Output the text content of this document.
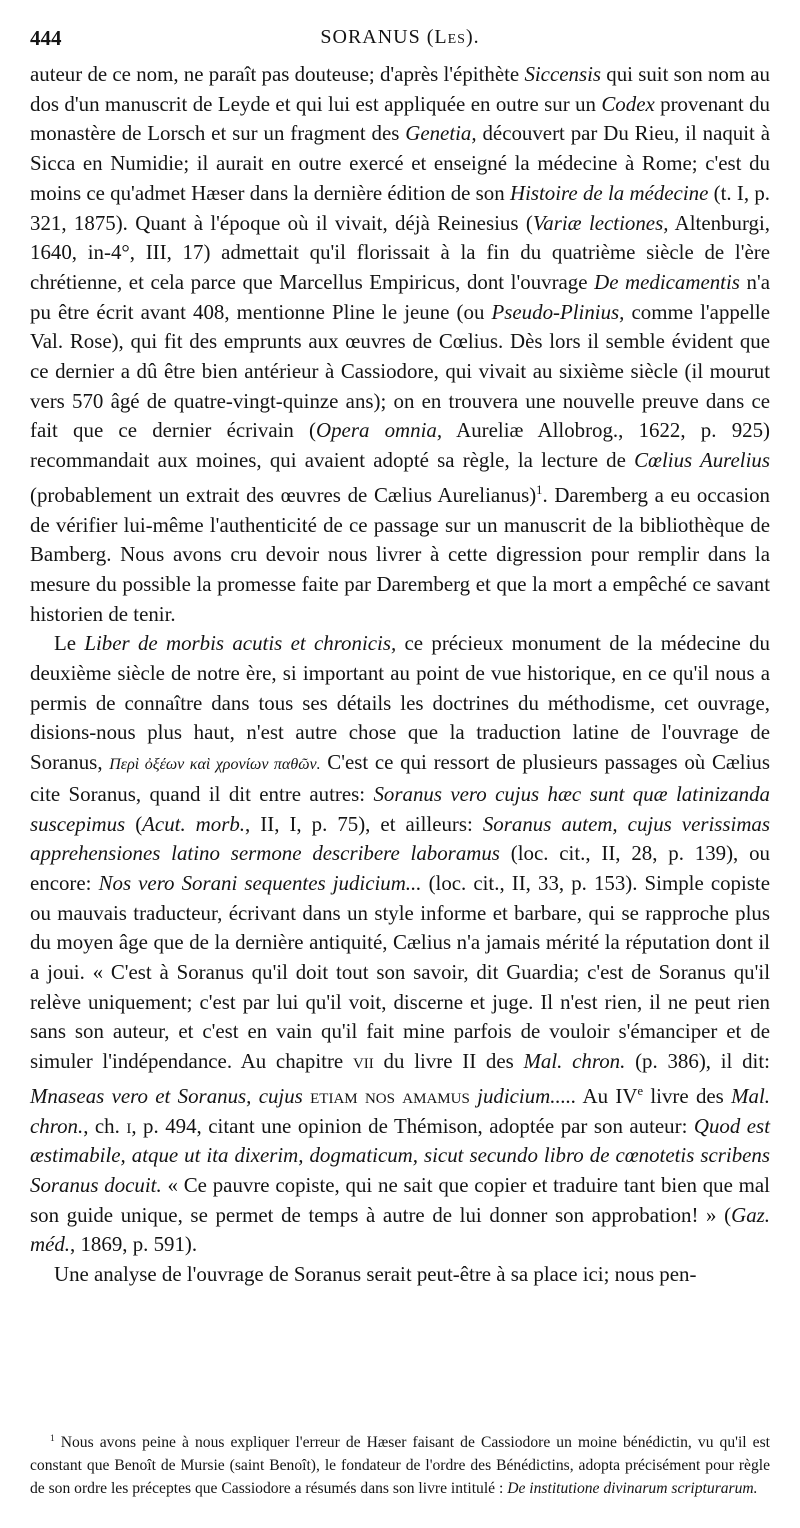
444	SORANUS (Les).

auteur de ce nom, ne paraît pas douteuse; d'après l'épithète Siccensis qui suit son nom au dos d'un manuscrit de Leyde et qui lui est appliquée en outre sur un Codex provenant du monastère de Lorsch et sur un fragment des Genetia, découvert par Du Rieu, il naquit à Sicca en Numidie; il aurait en outre exercé et enseigné la médecine à Rome; c'est du moins ce qu'admet Hæser dans la dernière édition de son Histoire de la médecine (t. I, p. 321, 1875). Quant à l'époque où il vivait, déjà Reinesius (Variæ lectiones, Altenburgi, 1640, in-4°, III, 17) admettait qu'il florissait à la fin du quatrième siècle de l'ère chrétienne, et cela parce que Marcellus Empiricus, dont l'ouvrage De medicamentis n'a pu être écrit avant 408, mentionne Pline le jeune (ou Pseudo-Plinius, comme l'appelle Val. Rose), qui fit des emprunts aux œuvres de Cœlius. Dès lors il semble évident que ce dernier a dû être bien antérieur à Cassiodore, qui vivait au sixième siècle (il mourut vers 570 âgé de quatre-vingt-quinze ans); on en trouvera une nouvelle preuve dans ce fait que ce dernier écrivain (Opera omnia, Aureliæ Allobrog., 1622, p. 925) recommandait aux moines, qui avaient adopté sa règle, la lecture de Cœlius Aurelius (probablement un extrait des œuvres de Cælius Aurelianus)$^1$. Daremberg a eu occasion de vérifier lui-même l'authenticité de ce passage sur un manuscrit de la bibliothèque de Bamberg. Nous avons cru devoir nous livrer à cette digression pour remplir dans la mesure du possible la promesse faite par Daremberg et que la mort a empêché ce savant historien de tenir.

Le Liber de morbis acutis et chronicis, ce précieux monument de la médecine du deuxième siècle de notre ère, si important au point de vue historique, en ce qu'il nous a permis de connaître dans tous ses détails les doctrines du méthodisme, cet ouvrage, disions-nous plus haut, n'est autre chose que la traduction latine de l'ouvrage de Soranus, Περὶ ὀξέων καὶ χρονίων παθῶν. C'est ce qui ressort de plusieurs passages où Cælius cite Soranus, quand il dit entre autres: Soranus vero cujus hæc sunt quæ latinizanda suscepimus (Acut. morb., II, I, p. 75), et ailleurs: Soranus autem, cujus verissimas apprehensiones latino sermone describere laboramus (loc. cit., II, 28, p. 139), ou encore: Nos vero Sorani sequentes judicium... (loc. cit., II, 33, p. 153). Simple copiste ou mauvais traducteur, écrivant dans un style informe et barbare, qui se rapproche plus du moyen âge que de la dernière antiquité, Cælius n'a jamais mérité la réputation dont il a joui. « C'est à Soranus qu'il doit tout son savoir, dit Guardia; c'est de Soranus qu'il relève uniquement; c'est par lui qu'il voit, discerne et juge. Il n'est rien, il ne peut rien sans son auteur, et c'est en vain qu'il fait mine parfois de vouloir s'émanciper et de simuler l'indépendance. Au chapitre vii du livre II des Mal. chron. (p. 386), il dit: Mnaseas vero et Soranus, cujus etiam nos amamus judicium..... Au IVe livre des Mal. chron., ch. i, p. 494, citant une opinion de Thémison, adoptée par son auteur: Quod est æstimabile, atque ut ita dixerim, dogmaticum, sicut secundo libro de cœnotetis scribens Soranus docuit. « Ce pauvre copiste, qui ne sait que copier et traduire tant bien que mal son guide unique, se permet de temps à autre de lui donner son approbation! » (Gaz. méd., 1869, p. 591).

Une analyse de l'ouvrage de Soranus serait peut-être à sa place ici; nous pen-

$^1$ Nous avons peine à nous expliquer l'erreur de Hæser faisant de Cassiodore un moine bénédictin, vu qu'il est constant que Benoît de Mursie (saint Benoît), le fondateur de l'ordre des Bénédictins, adopta précisément pour règle de son ordre les préceptes que Cassiodore a résumés dans son livre intitulé : De institutione divinarum scripturarum.
